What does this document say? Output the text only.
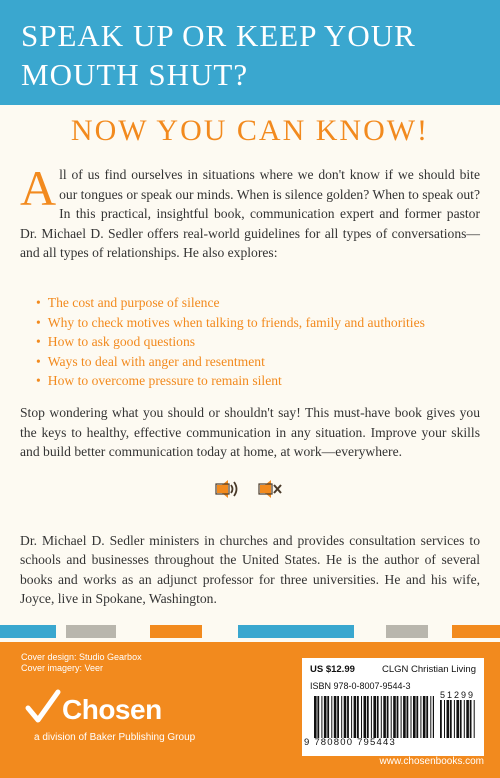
SPEAK UP OR KEEP YOUR
MOUTH SHUT?
NOW YOU CAN KNOW!
All of us find ourselves in situations where we don't know if we should bite our tongues or speak our minds. When is silence golden? When to speak out? In this practical, insightful book, communication expert and former pastor Dr. Michael D. Sedler offers real-world guidelines for all types of conversations—and all types of relationships. He also explores:
• The cost and purpose of silence
• Why to check motives when talking to friends, family and authorities
• How to ask good questions
• Ways to deal with anger and resentment
• How to overcome pressure to remain silent
Stop wondering what you should or shouldn't say! This must-have book gives you the keys to healthy, effective communication in any situation. Improve your skills and build better communication today at home, at work—everywhere.
Dr. Michael D. Sedler ministers in churches and provides consultation services to schools and businesses throughout the United States. He is the author of several books and works as an adjunct professor for three universities. He and his wife, Joyce, live in Spokane, Washington.
Cover design: Studio Gearbox
Cover imagery: Veer
Chosen
a division of Baker Publishing Group
US $12.99	CLGN Christian Living
ISBN 978-0-8007-9544-3
51299
9 780800 795443
www.chosenbooks.com
